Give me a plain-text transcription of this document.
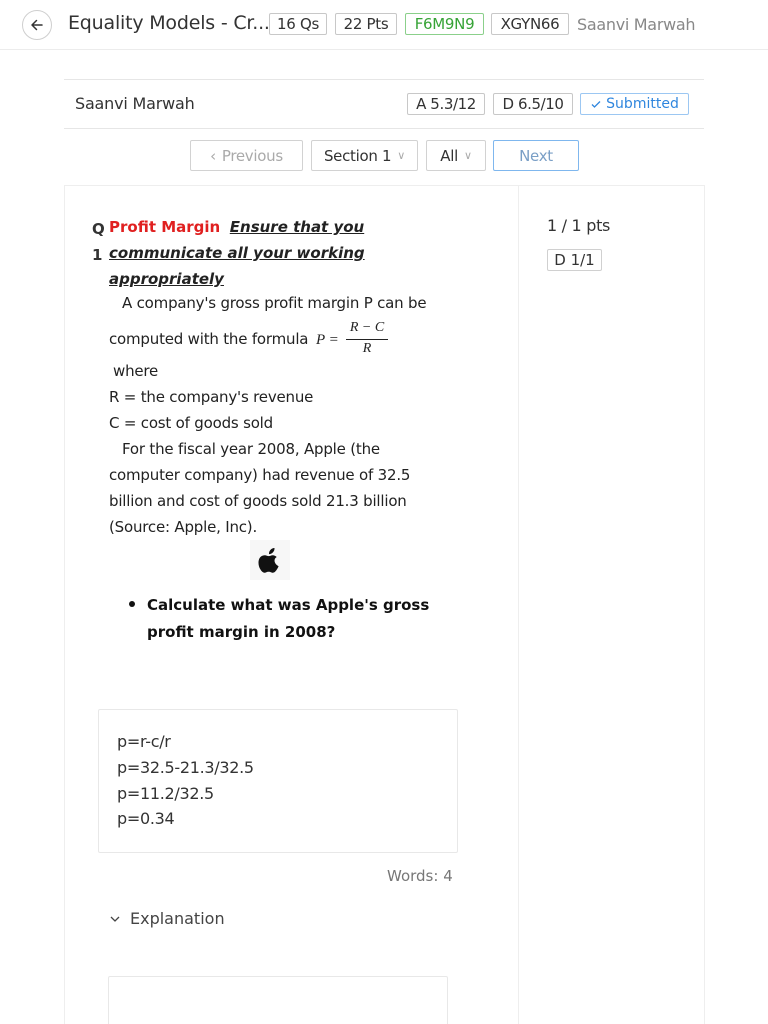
Equality Models - Cr... 16 Qs	22 Pts	F6M9N9	XGYN66	Saanvi Marwah
Saanvi Marwah	A 5.3/12	D 6.5/10	Submitted
‹ Previous	Section 1 ∨ All ∨	Next
Q
1
Profit Margin Ensure that you
communicate all your working
appropriately
A company's gross profit margin P can be
computed with the formula P =
R − C
R
where
R = the company's revenue
C = cost of goods sold
For the fiscal year 2008, Apple (the
computer company) had revenue of 32.5
billion and cost of goods sold 21.3 billion
(Source: Apple, Inc).
Calculate what was Apple's gross profit margin in 2008?
p=r-c/r
p=32.5-21.3/32.5
p=11.2/32.5
p=0.34
Words: 4
Explanation
1 / 1 pts
D 1/1
